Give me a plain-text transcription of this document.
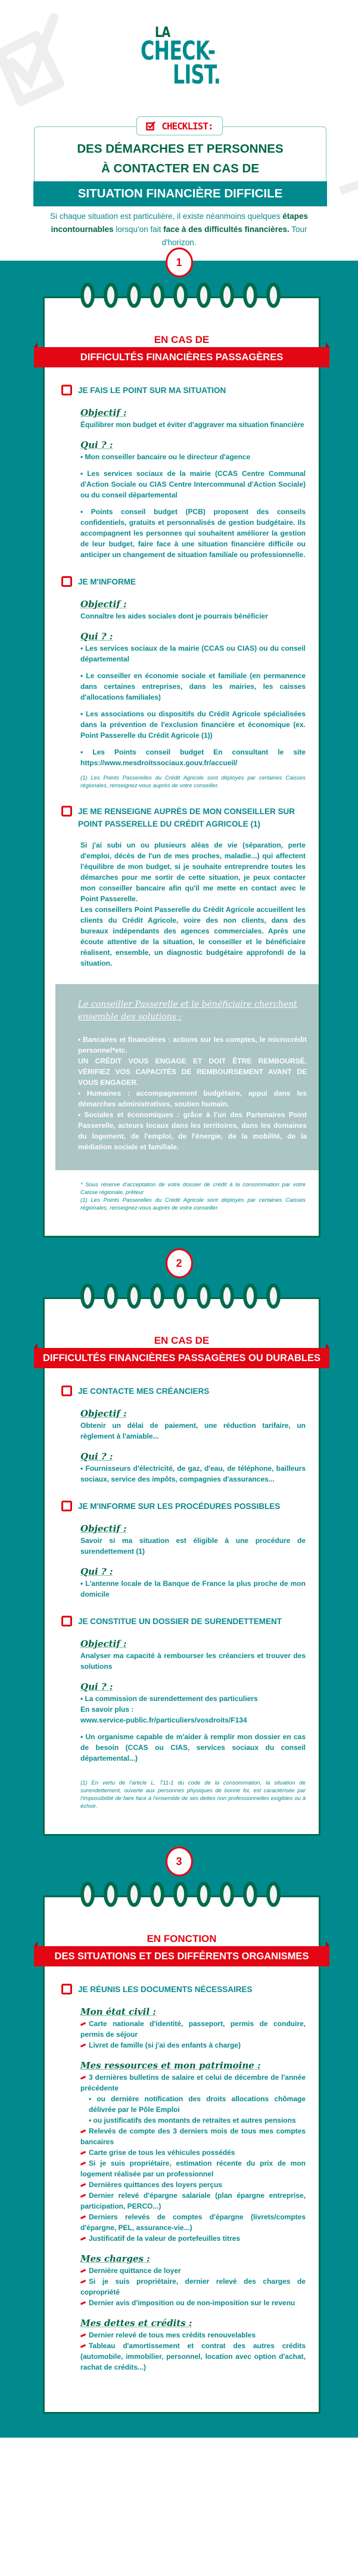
LA
CHECK-
LIST.
CHECKLIST:
DES DÉMARCHES ET PERSONNES
À CONTACTER EN CAS DE
SITUATION FINANCIÈRE DIFFICILE
Si chaque situation est particulière, il existe néanmoins quelques étapes incontournables lorsqu'on fait face à des difficultés financières. Tour d'horizon.
1
EN CAS DE
DIFFICULTÉS FINANCIÈRES PASSAGÈRES
JE FAIS LE POINT SUR MA SITUATION
Objectif :
Équilibrer mon budget et éviter d'aggraver ma situation financière
Qui ? :
• Mon conseiller bancaire ou le directeur d'agence
• Les services sociaux de la mairie (CCAS Centre Communal d'Action Sociale ou CIAS Centre Intercommunal d'Action Sociale) ou du conseil départemental
• Points conseil budget (PCB) proposent des conseils confidentiels, gratuits et personnalisés de gestion budgétaire. Ils accompagnent les personnes qui souhaitent améliorer la gestion de leur budget, faire face à une situation financière difficile ou anticiper un changement de situation familiale ou professionnelle.
JE M'INFORME
Objectif :
Connaître les aides sociales dont je pourrais bénéficier
Qui ? :
• Les services sociaux de la mairie (CCAS ou CIAS) ou du conseil départemental
• Le conseiller en économie sociale et familiale (en permanence dans certaines entreprises, dans les mairies, les caisses d'allocations familiales)
• Les associations ou dispositifs du Crédit Agricole spécialisées dans la prévention de l'exclusion financière et économique (ex. Point Passerelle du Crédit Agricole (1))
• Les Points conseil budget En consultant le site https://www.mesdroitssociaux.gouv.fr/accueil/
(1) Les Points Passerelles du Crédit Agricole sont déployés par certaines Caisses régionales, renseignez-vous auprès de votre conseiller.
JE ME RENSEIGNE AUPRÈS DE MON CONSEILLER SUR POINT PASSERELLE DU CRÉDIT AGRICOLE (1)
Si j'ai subi un ou plusieurs aléas de vie (séparation, perte d'emploi, décès de l'un de mes proches, maladie...) qui affectent l'équilibre de mon budget, si je souhaite entreprendre toutes les démarches pour me sortir de cette situation, je peux contacter mon conseiller bancaire afin qu'il me mette en contact avec le Point Passerelle.
Les conseillers Point Passerelle du Crédit Agricole accueillent les clients du Crédit Agricole, voire des non clients, dans des bureaux indépendants des agences commerciales. Après une écoute attentive de la situation, le conseiller et le bénéficiaire réalisent, ensemble, un diagnostic budgétaire approfondi de la situation.
Le conseiller Passerelle et le bénéficiaire cherchent ensemble des solutions :
• Bancaires et financières : actions sur les comptes, le microcrédit personnel*etc.
UN CRÉDIT VOUS ENGAGE ET DOIT ÊTRE REMBOURSÉ. VÉRIFIEZ VOS CAPACITÉS DE REMBOURSEMENT AVANT DE VOUS ENGAGER.
• Humaines : accompagnement budgétaire, appui dans les démarches administratives, soutien humain.
• Sociales et économiques : grâce à l'un des Partenaires Point Passerelle, acteurs locaux dans les territoires, dans les domaines du logement, de l'emploi, de l'énergie, de la mobilité, de la médiation sociale et familiale.
* Sous réserve d'acceptation de votre dossier de crédit à la consommation par votre Caisse régionale, prêteur
(1) Les Points Passerelles du Crédit Agricole sont déployés par certaines Caisses régionales, renseignez-vous auprès de votre conseiller.
2
EN CAS DE
DIFFICULTÉS FINANCIÈRES PASSAGÈRES OU DURABLES
JE CONTACTE MES CRÉANCIERS
Objectif :
Obtenir un délai de paiement, une réduction tarifaire, un règlement à l'amiable...
Qui ? :
• Fournisseurs d'électricité, de gaz, d'eau, de téléphone, bailleurs sociaux, service des impôts, compagnies d'assurances...
JE M'INFORME SUR LES PROCÉDURES POSSIBLES
Objectif :
Savoir si ma situation est éligible à une procédure de surendettement (1)
Qui ? :
• L'antenne locale de la Banque de France la plus proche de mon domicile
JE CONSTITUE UN DOSSIER DE SURENDETTEMENT
Objectif :
Analyser ma capacité à rembourser les créanciers et trouver des solutions
Qui ? :
• La commission de surendettement des particuliers
En savoir plus :
www.service-public.fr/particuliers/vosdroits/F134
• Un organisme capable de m'aider à remplir mon dossier en cas de besoin (CCAS ou CIAS, services sociaux du conseil départemental...)
(1) En vertu de l'article L. 711-1 du code de la consommation, la situation de surendettement, ouverte aux personnes physiques de bonne foi, est caractérisée par l'impossibilité de faire face à l'ensemble de ses dettes non professionnelles exigibles ou à échoir.
3
EN FONCTION
DES SITUATIONS ET DES DIFFÉRENTS ORGANISMES
JE RÉUNIS LES DOCUMENTS NÉCESSAIRES
Mon état civil :
Carte nationale d'identité, passeport, permis de conduire, permis de séjour
Livret de famille (si j'ai des enfants à charge)
Mes ressources et mon patrimoine :
3 dernières bulletins de salaire et celui de décembre de l'année précédente
• ou dernière notification des droits allocations chômage délivrée par le Pôle Emploi
• ou justificatifs des montants de retraites et autres pensions
Relevés de compte des 3 derniers mois de tous mes comptes bancaires
Carte grise de tous les véhicules possédés
Si je suis propriétaire, estimation récente du prix de mon logement réalisée par un professionnel
Dernières quittances des loyers perçus
Dernier relevé d'épargne salariale (plan épargne entreprise, participation, PERCO...)
Derniers relevés de comptes d'épargne (livrets/comptes d'épargne, PEL, assurance-vie...)
Justificatif de la valeur de portefeuilles titres
Mes charges :
Dernière quittance de loyer
Si je suis propriétaire, dernier relevé des charges de copropriété
Dernier avis d'imposition ou de non-imposition sur le revenu
Mes dettes et crédits :
Dernier relevé de tous mes crédits renouvelables
Tableau d'amortissement et contrat des autres crédits (automobile, immobilier, personnel, location avec option d'achat, rachat de crédits...)
